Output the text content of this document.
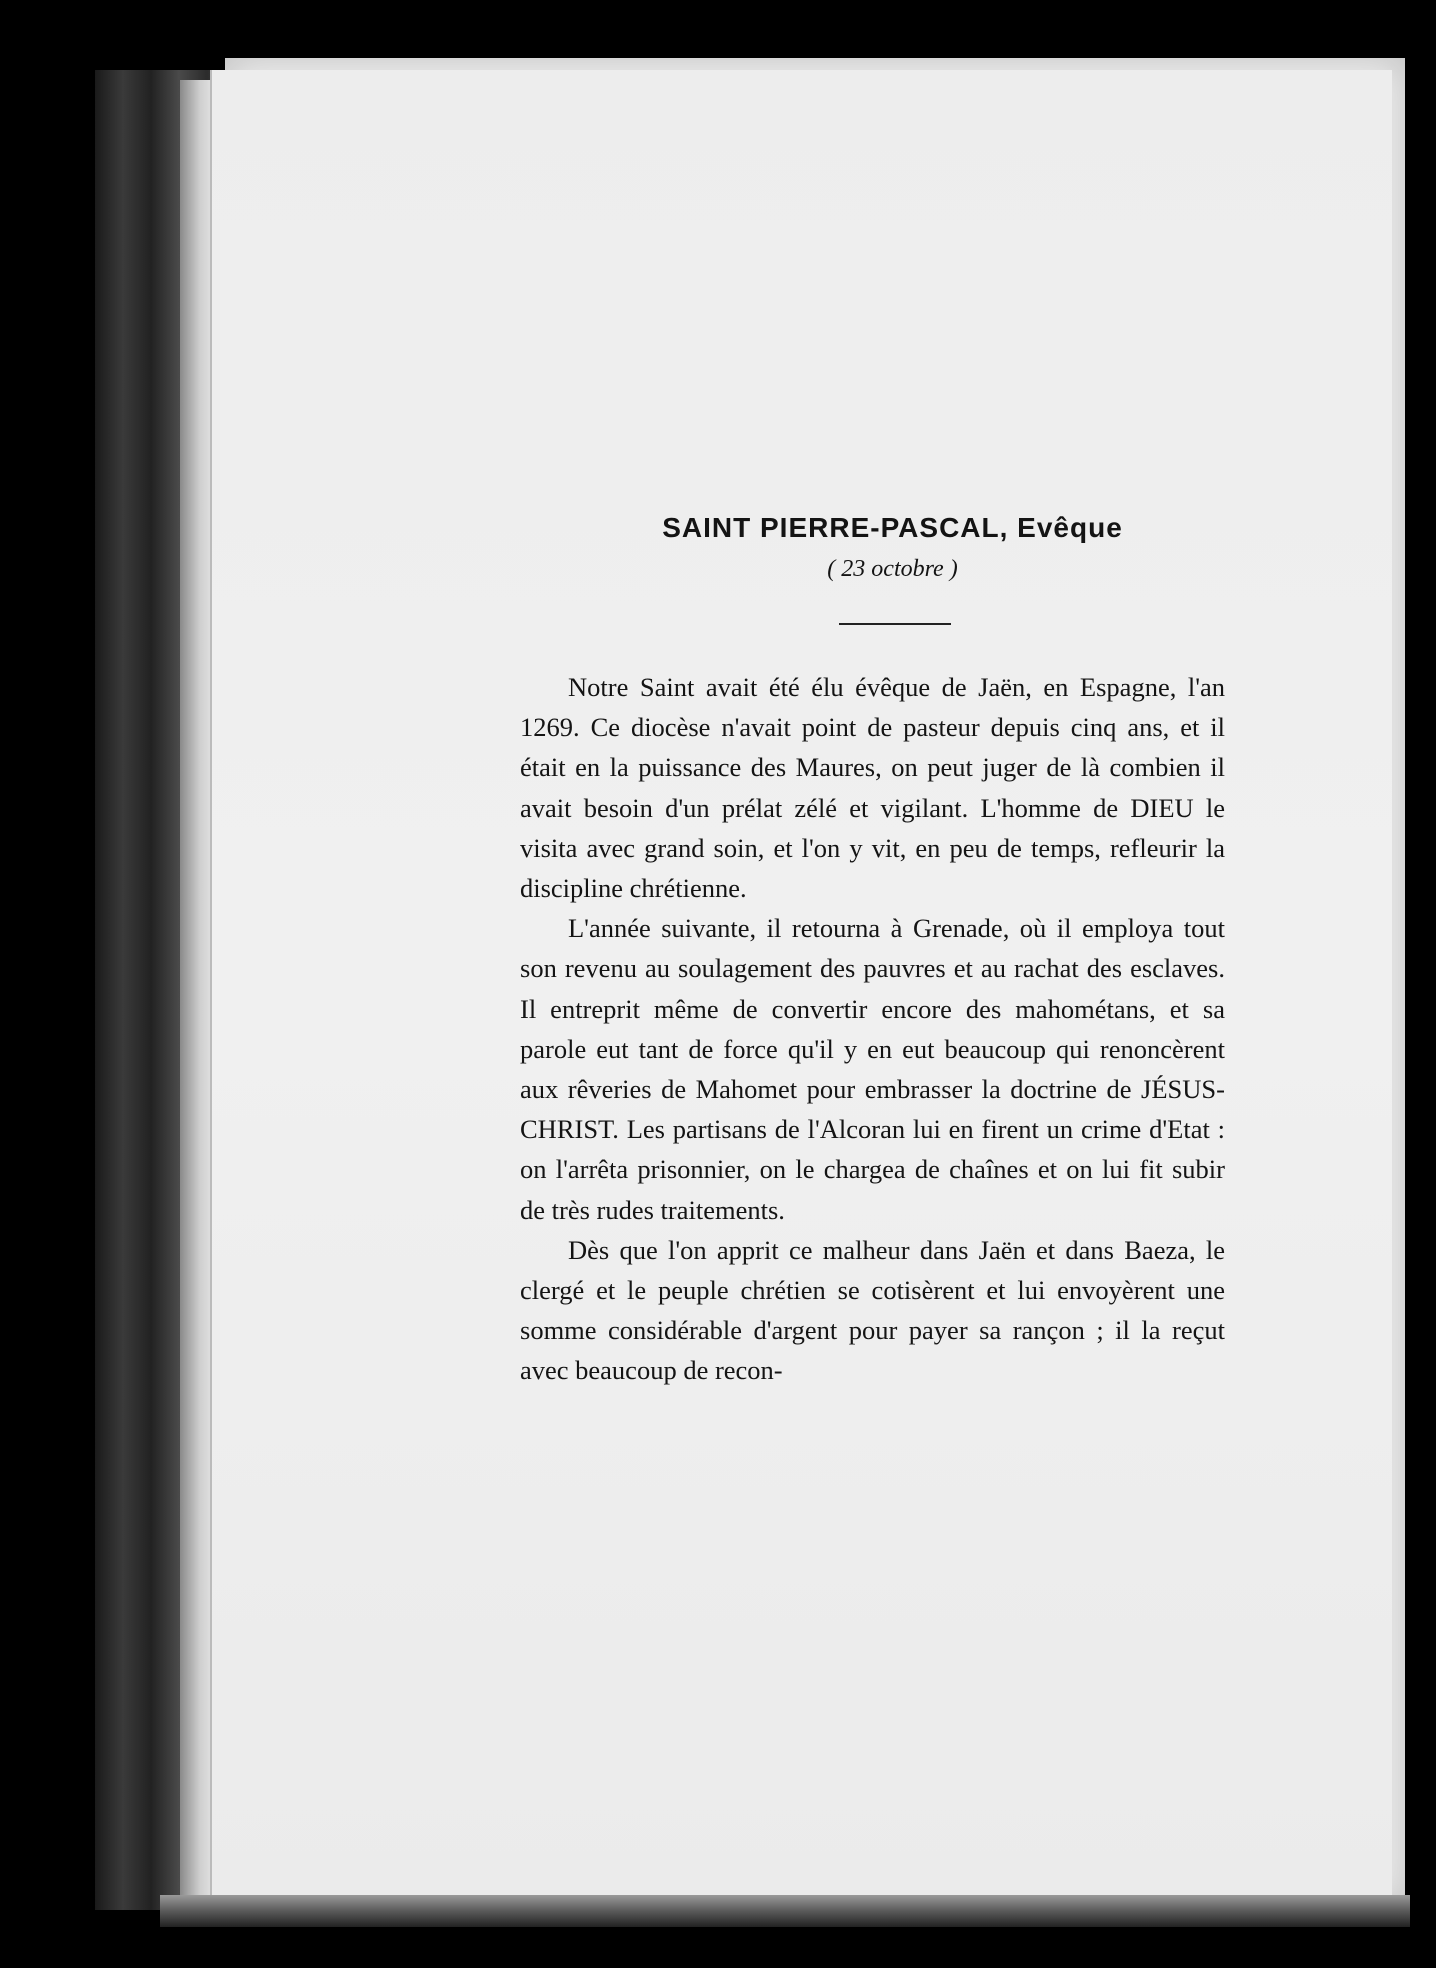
SAINT PIERRE-PASCAL, Evêque
( 23 octobre )

Notre Saint avait été élu évêque de Jaën, en Espagne, l'an 1269. Ce diocèse n'avait point de pasteur depuis cinq ans, et il était en la puissance des Maures, on peut juger de là combien il avait besoin d'un prélat zélé et vigilant. L'homme de DIEU le visita avec grand soin, et l'on y vit, en peu de temps, refleurir la discipline chrétienne.

L'année suivante, il retourna à Grenade, où il employa tout son revenu au soulagement des pauvres et au rachat des esclaves. Il entreprit même de convertir encore des mahométans, et sa parole eut tant de force qu'il y en eut beaucoup qui renoncèrent aux rêveries de Mahomet pour embrasser la doctrine de JÉSUS-CHRIST. Les partisans de l'Alcoran lui en firent un crime d'Etat : on l'arrêta prisonnier, on le chargea de chaînes et on lui fit subir de très rudes traitements.

Dès que l'on apprit ce malheur dans Jaën et dans Baeza, le clergé et le peuple chrétien se cotisèrent et lui envoyèrent une somme considérable d'argent pour payer sa rançon ; il la reçut avec beaucoup de recon-
